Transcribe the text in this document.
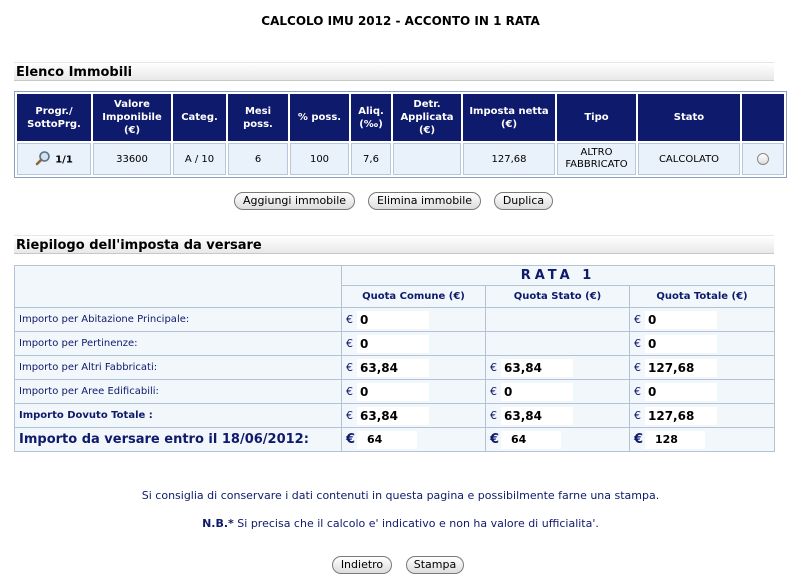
CALCOLO IMU 2012 - ACCONTO IN 1 RATA
Elenco Immobili
Progr./ SottoPrg.	Valore Imponibile (€)	Categ.	Mesi poss.	% poss.	Aliq. (‰)	Detr. Applicata (€)	Imposta netta (€)	Tipo	Stato	
1/1	33600	A / 10	6	100	7,6		127,68	ALTRO FABBRICATO	CALCOLATO	
Aggiungi immobile	Elimina immobile	Duplica
Riepilogo dell'imposta da versare
	RATA 1		
	Quota Comune (€)	Quota Stato (€)	Quota Totale (€)
Importo per Abitazione Principale:	€ 0		€ 0
Importo per Pertinenze:	€ 0		€ 0
Importo per Altri Fabbricati:	€ 63,84	€ 63,84	€ 127,68
Importo per Aree Edificabili:	€ 0	€ 0	€ 0
Importo Dovuto Totale :	€ 63,84	€ 63,84	€ 127,68
Importo da versare entro il 18/06/2012:	€ 64	€ 64	€ 128
Si consiglia di conservare i dati contenuti in questa pagina e possibilmente farne una stampa.
N.B.* Si precisa che il calcolo e' indicativo e non ha valore di ufficialita'.
Indietro	Stampa
